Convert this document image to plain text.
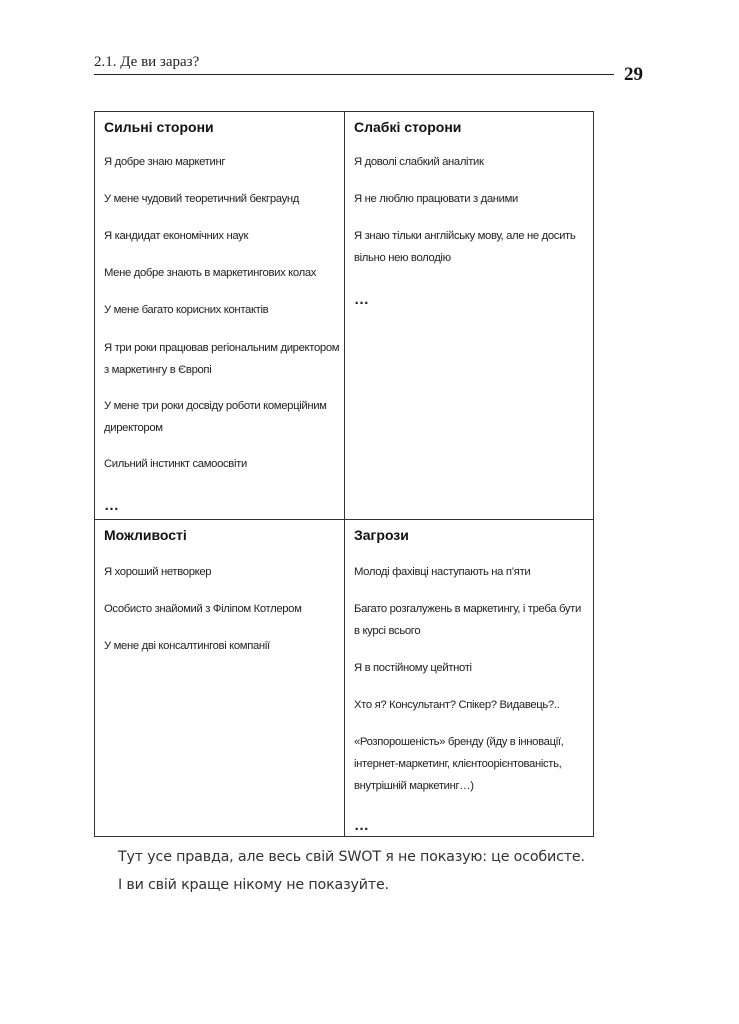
2.1. Де ви зараз?
29
Сильні сторони
Я добре знаю маркетинг
У мене чудовий теоретичний бекграунд
Я кандидат економічних наук
Мене добре знають в маркетингових колах
У мене багато корисних контактів
Я три роки працював регіональним директором
з маркетингу в Європі
У мене три роки досвіду роботи комерційним
директором
Сильний інстинкт самоосвіти
…
Слабкі сторони
Я доволі слабкий аналітик
Я не люблю працювати з даними
Я знаю тільки англійську мову, але не досить
вільно нею володію
…
Можливості
Я хороший нетворкер
Особисто знайомий з Філіпом Котлером
У мене дві консалтингові компанії
Загрози
Молоді фахівці наступають на п’яти
Багато розгалужень в маркетингу, і треба бути
в курсі всього
Я в постійному цейтноті
Хто я? Консультант? Спікер? Видавець?..
«Розпорошеність» бренду (йду в інновації,
інтернет-маркетинг, клієнтоорієнтованість,
внутрішній маркетинг…)
…
Тут усе правда, але весь свій SWOT я не показую: це особисте.
І ви свій краще нікому не показуйте.
